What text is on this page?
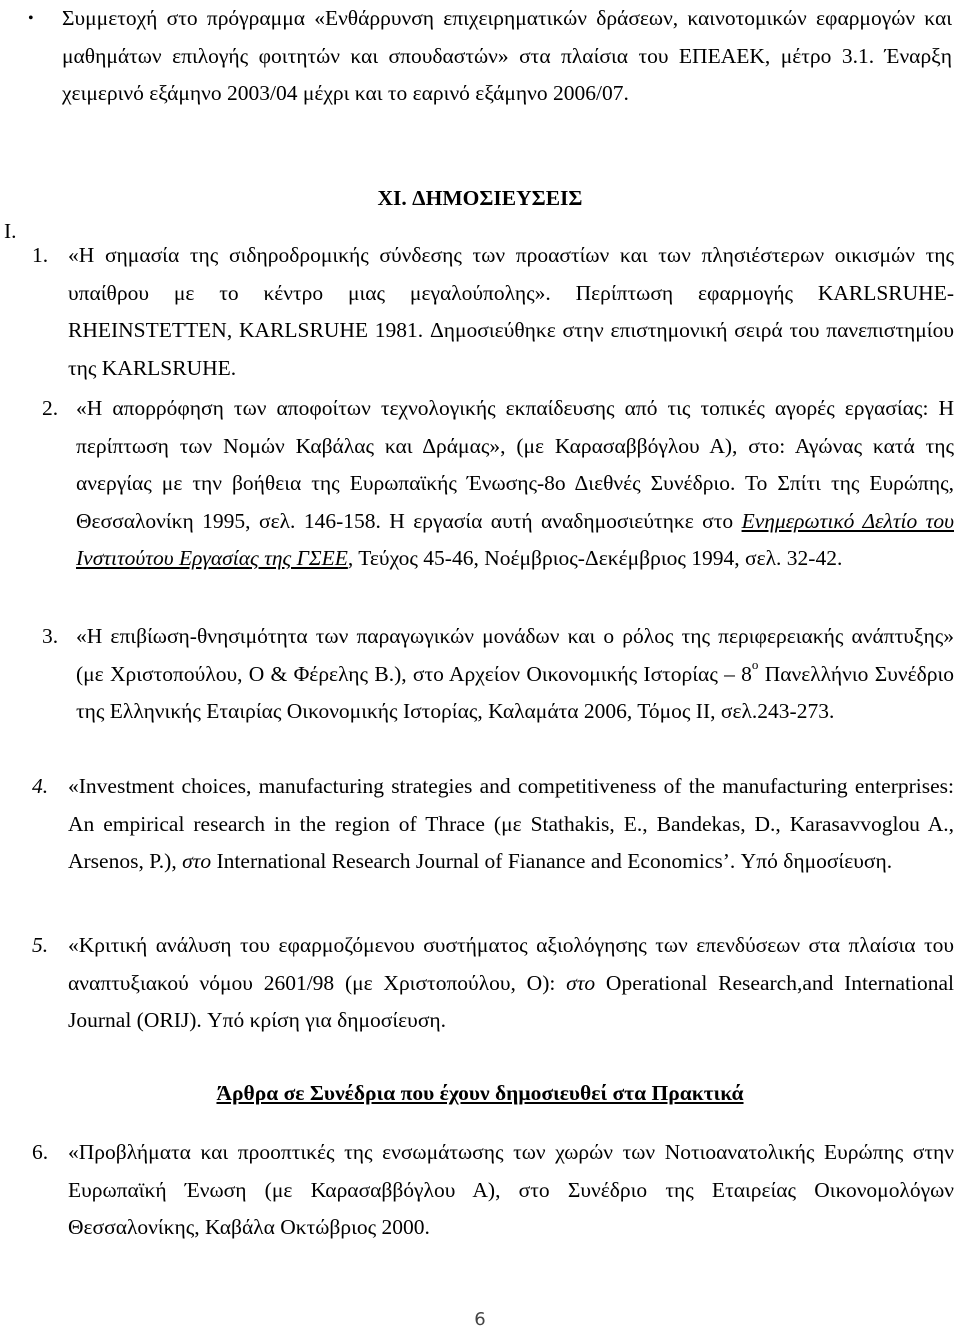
• Συμμετοχή στο πρόγραμμα «Ενθάρρυνση επιχειρηματικών δράσεων, καινοτομικών εφαρμογών και μαθημάτων επιλογής φοιτητών και σπουδαστών» στα πλαίσια του ΕΠΕΑΕΚ, μέτρο 3.1. Έναρξη χειμερινό εξάμηνο 2003/04 μέχρι και το εαρινό εξάμηνο 2006/07.
XI. ΔΗΜΟΣΙΕΥΣΕΙΣ
I.
1. «Η σημασία της σιδηροδρομικής σύνδεσης των προαστίων και των πλησιέστερων οικισμών της υπαίθρου με το κέντρο μιας μεγαλούπολης». Περίπτωση εφαρμογής KARLSRUHE-RHEINSTETTEN, KARLSRUHE 1981. Δημοσιεύθηκε στην επιστημονική σειρά του πανεπιστημίου της KARLSRUHE.
2. «Η απορρόφηση των αποφοίτων τεχνολογικής εκπαίδευσης από τις τοπικές αγορές εργασίας: Η περίπτωση των Νομών Καβάλας και Δράμας», (με Καρασαββόγλου Α), στο: Αγώνας κατά της ανεργίας με την βοήθεια της Ευρωπαϊκής Ένωσης-8ο Διεθνές Συνέδριο. Το Σπίτι της Ευρώπης, Θεσσαλονίκη 1995, σελ. 146-158. Η εργασία αυτή αναδημοσιεύτηκε στο Ενημερωτικό Δελτίο του Ινστιτούτου Εργασίας της ΓΣΕΕ, Τεύχος 45-46, Νοέμβριος-Δεκέμβριος 1994, σελ. 32-42.
3. «Η επιβίωση-θνησιμότητα των παραγωγικών μονάδων και ο ρόλος της περιφερειακής ανάπτυξης» (με Χριστοπούλου, Ο & Φέρελης Β.), στο Αρχείον Οικονομικής Ιστορίας – $8^o$ Πανελλήνιο Συνέδριο της Ελληνικής Εταιρίας Οικονομικής Ιστορίας, Καλαμάτα 2006, Τόμος ΙΙ, σελ.243-273.
4. «Investment choices, manufacturing strategies and competitiveness of the manufacturing enterprises: An empirical research in the region of Thrace (με Stathakis, E., Bandekas, D., Karasavvoglou A., Arsenos, P.), στο International Research Journal of Fianance and Economics’. Υπό δημοσίευση.
5. «Κριτική ανάλυση του εφαρμοζόμενου συστήματος αξιολόγησης των επενδύσεων στα πλαίσια του αναπτυξιακού νόμου 2601/98 (με Χριστοπούλου, Ο): στο Operational Research,and International Journal (ORIJ). Υπό κρίση για δημοσίευση.
Άρθρα σε Συνέδρια που έχουν δημοσιευθεί στα Πρακτικά
6. «Προβλήματα και προοπτικές της ενσωμάτωσης των χωρών των Νοτιοανατολικής Ευρώπης στην Ευρωπαϊκή Ένωση (με Καρασαββόγλου Α), στο Συνέδριο της Εταιρείας Οικονομολόγων Θεσσαλονίκης, Καβάλα Οκτώβριος 2000.
6
